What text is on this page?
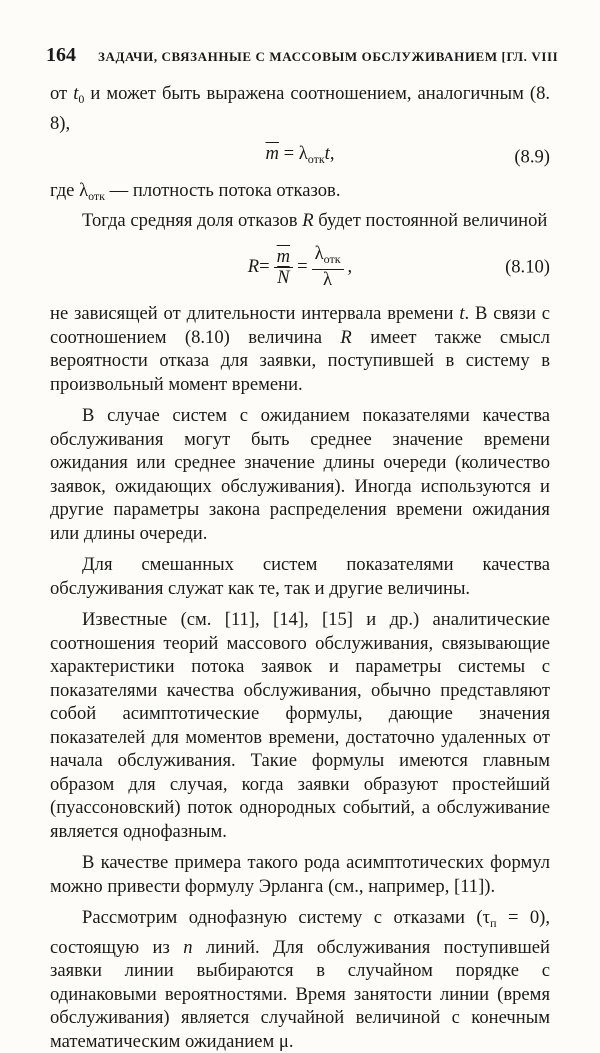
164 ЗАДАЧИ, СВЯЗАННЫЕ С МАССОВЫМ ОБСЛУЖИВАНИЕМ [ГЛ. VIII

от $t_0$ и может быть выражена соотношением, аналогичным (8. 8),

$\overline{m} = \lambda_{отк}t$,	(8.9)

где $\lambda_{отк}$ — плотность потока отказов.

Тогда средняя доля отказов R будет постоянной величиной

$R = \frac{\overline{m}}{N} = \frac{\lambda_{отк}}{\lambda}$ ,	(8.10)

не зависящей от длительности интервала времени t. В связи с соотношением (8.10) величина R имеет также смысл вероятности отказа для заявки, поступившей в систему в произвольный момент времени.

В случае систем с ожиданием показателями качества обслуживания могут быть среднее значение времени ожидания или среднее значение длины очереди (количество заявок, ожидающих обслуживания). Иногда используются и другие параметры закона распределения времени ожидания или длины очереди.

Для смешанных систем показателями качества обслуживания служат как те, так и другие величины.

Известные (см. [11], [14], [15] и др.) аналитические соотношения теорий массового обслуживания, связывающие характеристики потока заявок и параметры системы с показателями качества обслуживания, обычно представляют собой асимптотические формулы, дающие значения показателей для моментов времени, достаточно удаленных от начала обслуживания. Такие формулы имеются главным образом для случая, когда заявки образуют простейший (пуассоновский) поток однородных событий, а обслуживание является однофазным.

В качестве примера такого рода асимптотических формул можно привести формулу Эрланга (см., например, [11]).

Рассмотрим однофазную систему с отказами $(\tau_п = 0)$, состоящую из n линий. Для обслуживания поступившей заявки линии выбираются в случайном порядке с одинаковыми вероятностями. Время занятости линии (время обслуживания) является случайной величиной с конечным математическим ожиданием μ.
